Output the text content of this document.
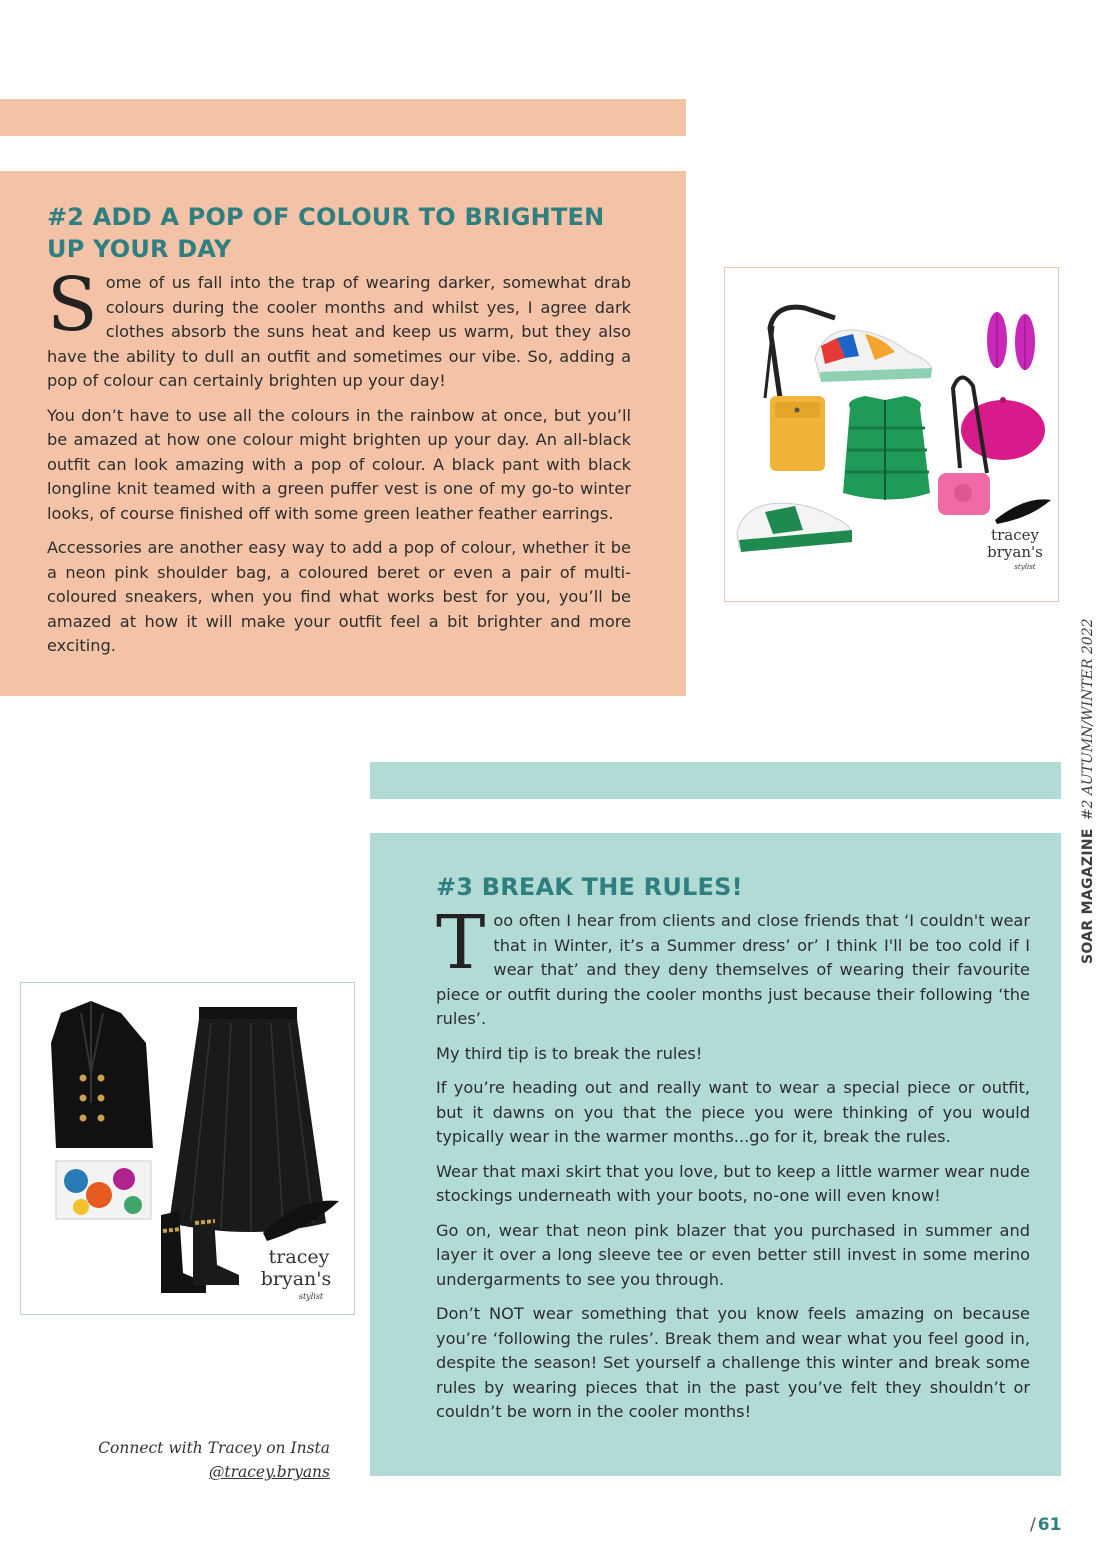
#2 ADD A POP OF COLOUR TO BRIGHTEN UP YOUR DAY

Some of us fall into the trap of wearing darker, somewhat drab colours during the cooler months and whilst yes, I agree dark clothes absorb the suns heat and keep us warm, but they also have the ability to dull an outfit and sometimes our vibe. So, adding a pop of colour can certainly brighten up your day!

You don’t have to use all the colours in the rainbow at once, but you’ll be amazed at how one colour might brighten up your day. An all-black outfit can look amazing with a pop of colour. A black pant with black longline knit teamed with a green puffer vest is one of my go-to winter looks, of course finished off with some green leather feather earrings.

Accessories are another easy way to add a pop of colour, whether it be a neon pink shoulder bag, a coloured beret or even a pair of multi-coloured sneakers, when you find what works best for you, you’ll be amazed at how it will make your outfit feel a bit brighter and more exciting.

tracey
bryan's
stylist
#3 BREAK THE RULES!

Too often I hear from clients and close friends that ‘I couldn't wear that in Winter, it’s a Summer dress’ or’ I think I'll be too cold if I wear that’ and they deny themselves of wearing their favourite piece or outfit during the cooler months just because their following ‘the rules’.

My third tip is to break the rules!

If you’re heading out and really want to wear a special piece or outfit, but it dawns on you that the piece you were thinking of you would typically wear in the warmer months...go for it, break the rules.

Wear that maxi skirt that you love, but to keep a little warmer wear nude stockings underneath with your boots, no-one will even know!

Go on, wear that neon pink blazer that you purchased in summer and layer it over a long sleeve tee or even better still invest in some merino undergarments to see you through.

Don’t NOT wear something that you know feels amazing on because you’re ‘following the rules’. Break them and wear what you feel good in, despite the season! Set yourself a challenge this winter and break some rules by wearing pieces that in the past you’ve felt they shouldn’t or couldn’t be worn in the cooler months!

tracey
bryan's
stylist
Connect with Tracey on Insta
@tracey.bryans
SOAR MAGAZINE#2 AUTUMN/WINTER 2022
/ 61
